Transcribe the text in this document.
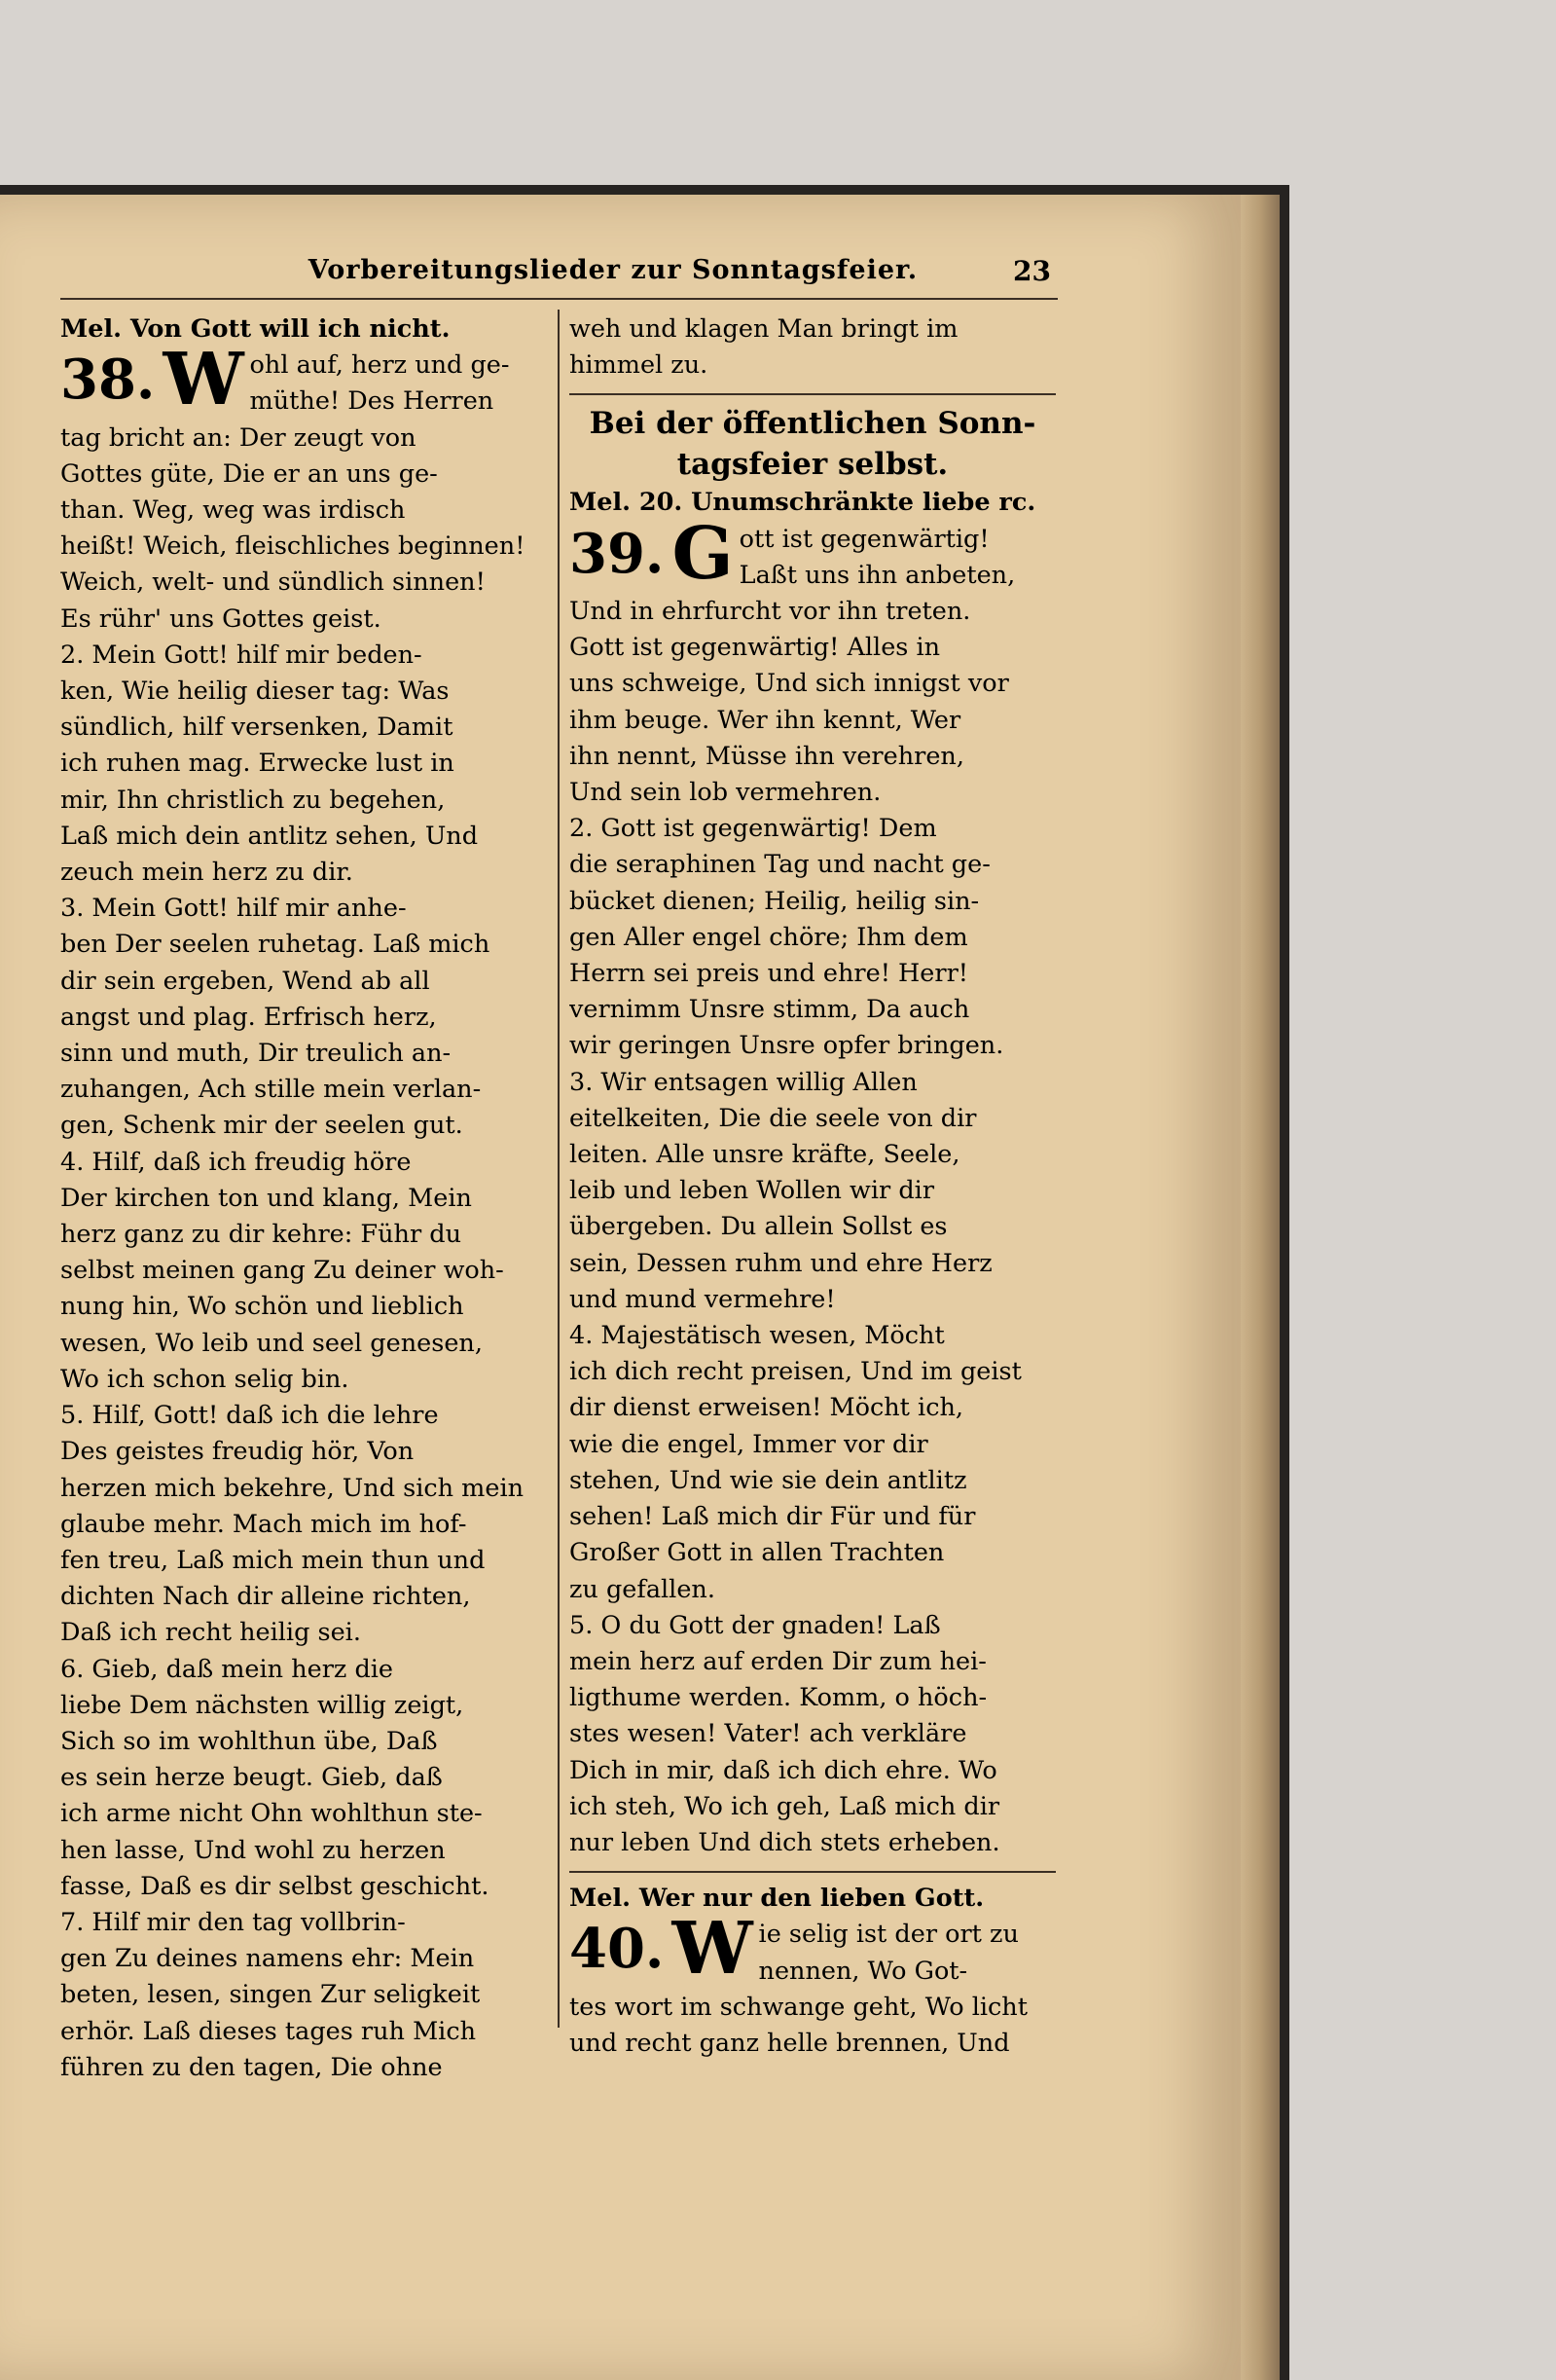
Vorbereitungslieder zur Sonntagsfeier.	23
Mel. Von Gott will ich nicht.
38. W ohl auf, herz und ge-
müthe! Des Herren
tag bricht an: Der zeugt von
Gottes güte, Die er an uns ge-
than. Weg, weg was irdisch
heißt! Weich, fleischliches beginnen!
Weich, welt- und sündlich sinnen!
Es rühr' uns Gottes geist.
2. Mein Gott! hilf mir beden-
ken, Wie heilig dieser tag: Was
sündlich, hilf versenken, Damit
ich ruhen mag. Erwecke lust in
mir, Ihn christlich zu begehen,
Laß mich dein antlitz sehen, Und
zeuch mein herz zu dir.
3. Mein Gott! hilf mir anhe-
ben Der seelen ruhetag. Laß mich
dir sein ergeben, Wend ab all
angst und plag. Erfrisch herz,
sinn und muth, Dir treulich an-
zuhangen, Ach stille mein verlan-
gen, Schenk mir der seelen gut.
4. Hilf, daß ich freudig höre
Der kirchen ton und klang, Mein
herz ganz zu dir kehre: Führ du
selbst meinen gang Zu deiner woh-
nung hin, Wo schön und lieblich
wesen, Wo leib und seel genesen,
Wo ich schon selig bin.
5. Hilf, Gott! daß ich die lehre
Des geistes freudig hör, Von
herzen mich bekehre, Und sich mein
glaube mehr. Mach mich im hof-
fen treu, Laß mich mein thun und
dichten Nach dir alleine richten,
Daß ich recht heilig sei.
6. Gieb, daß mein herz die
liebe Dem nächsten willig zeigt,
Sich so im wohlthun übe, Daß
es sein herze beugt. Gieb, daß
ich arme nicht Ohn wohlthun ste-
hen lasse, Und wohl zu herzen
fasse, Daß es dir selbst geschicht.
7. Hilf mir den tag vollbrin-
gen Zu deines namens ehr: Mein
beten, lesen, singen Zur seligkeit
erhör. Laß dieses tages ruh Mich
führen zu den tagen, Die ohne
weh und klagen Man bringt im
himmel zu.
Bei der öffentlichen Sonn-
tagsfeier selbst.
Mel. 20. Unumschränkte liebe rc.
39. G ott ist gegenwärtig!
Laßt uns ihn anbeten,
Und in ehrfurcht vor ihn treten.
Gott ist gegenwärtig! Alles in
uns schweige, Und sich innigst vor
ihm beuge. Wer ihn kennt, Wer
ihn nennt, Müsse ihn verehren,
Und sein lob vermehren.
2. Gott ist gegenwärtig! Dem
die seraphinen Tag und nacht ge-
bücket dienen; Heilig, heilig sin-
gen Aller engel chöre; Ihm dem
Herrn sei preis und ehre! Herr!
vernimm Unsre stimm, Da auch
wir geringen Unsre opfer bringen.
3. Wir entsagen willig Allen
eitelkeiten, Die die seele von dir
leiten. Alle unsre kräfte, Seele,
leib und leben Wollen wir dir
übergeben. Du allein Sollst es
sein, Dessen ruhm und ehre Herz
und mund vermehre!
4. Majestätisch wesen, Möcht
ich dich recht preisen, Und im geist
dir dienst erweisen! Möcht ich,
wie die engel, Immer vor dir
stehen, Und wie sie dein antlitz
sehen! Laß mich dir Für und für
Großer Gott in allen Trachten
zu gefallen.
5. O du Gott der gnaden! Laß
mein herz auf erden Dir zum hei-
ligthume werden. Komm, o höch-
stes wesen! Vater! ach verkläre
Dich in mir, daß ich dich ehre. Wo
ich steh, Wo ich geh, Laß mich dir
nur leben Und dich stets erheben.
Mel. Wer nur den lieben Gott.
40. W ie selig ist der ort zu
nennen, Wo Got-
tes wort im schwange geht, Wo licht
und recht ganz helle brennen, Und
